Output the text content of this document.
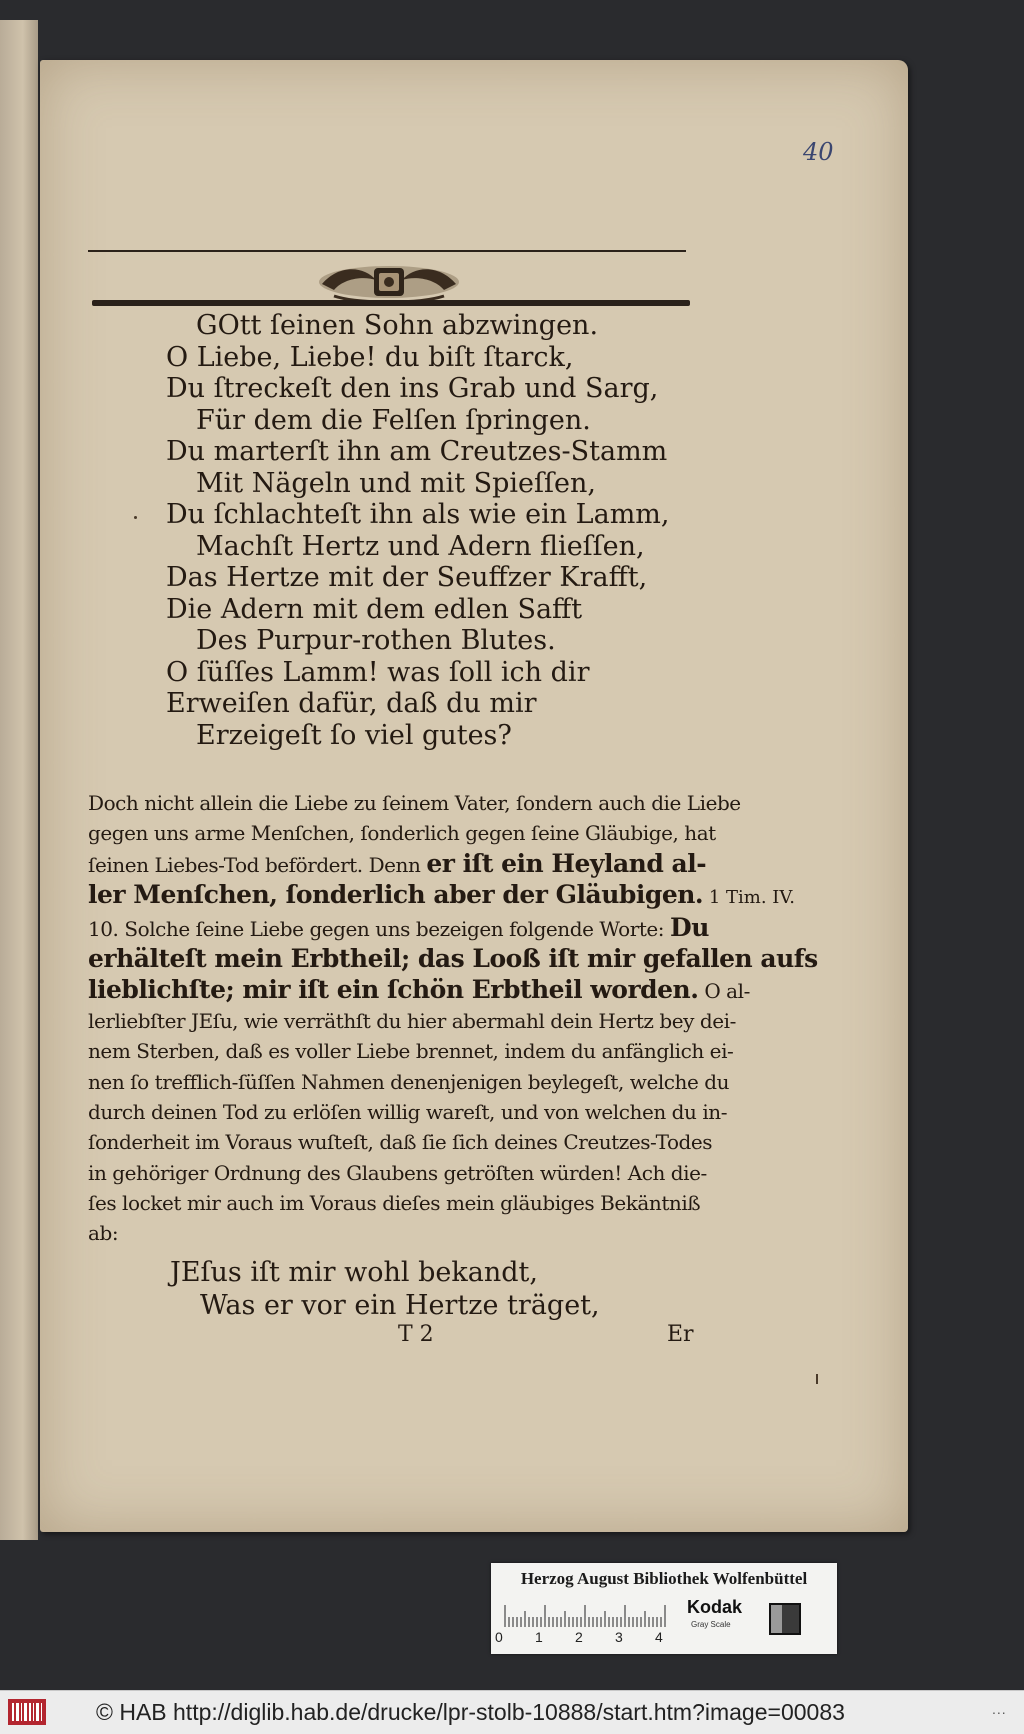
40
GOtt ſeinen Sohn abzwingen.
O Liebe, Liebe! du biſt ſtarck,
Du ſtreckeſt den ins Grab und Sarg,
Für dem die Felſen ſpringen.
Du marterſt ihn am Creutzes-Stamm
Mit Nägeln und mit Spieſſen,
Du ſchlachteſt ihn als wie ein Lamm,
Machſt Hertz und Adern flieſſen,
Das Hertze mit der Seuffzer Krafft,
Die Adern mit dem edlen Safft
Des Purpur-rothen Blutes.
O ſüſſes Lamm! was ſoll ich dir
Erweiſen dafür, daß du mir
Erzeigeſt ſo viel gutes?
Doch nicht allein die Liebe zu ſeinem Vater, ſondern auch die Liebe
gegen uns arme Menſchen, ſonderlich gegen ſeine Gläubige, hat
ſeinen Liebes-Tod befördert. Denn er iſt ein Heyland al-
ler Menſchen, ſonderlich aber der Gläubigen. 1 Tim. IV.
10. Solche ſeine Liebe gegen uns bezeigen folgende Worte: Du
erhälteſt mein Erbtheil; das Looß iſt mir gefallen aufs
lieblichſte; mir iſt ein ſchön Erbtheil worden. O al-
lerliebſter JEſu, wie verräthſt du hier abermahl dein Hertz bey dei-
nem Sterben, daß es voller Liebe brennet, indem du anfänglich ei-
nen ſo trefflich-ſüſſen Nahmen denenjenigen beylegeſt, welche du
durch deinen Tod zu erlöſen willig wareſt, und von welchen du in-
ſonderheit im Voraus wuſteſt, daß ſie ſich deines Creutzes-Todes
in gehöriger Ordnung des Glaubens getröſten würden! Ach die-
ſes locket mir auch im Voraus dieſes mein gläubiges Bekäntniß
ab:
JEſus iſt mir wohl bekandt,
Was er vor ein Hertze träget,
T 2	Er
Herzog August Bibliothek Wolfenbüttel
0 1 2 3 4
Kodak
Gray Scale
© HAB http://diglib.hab.de/drucke/lpr-stolb-10888/start.htm?image=00083	...
